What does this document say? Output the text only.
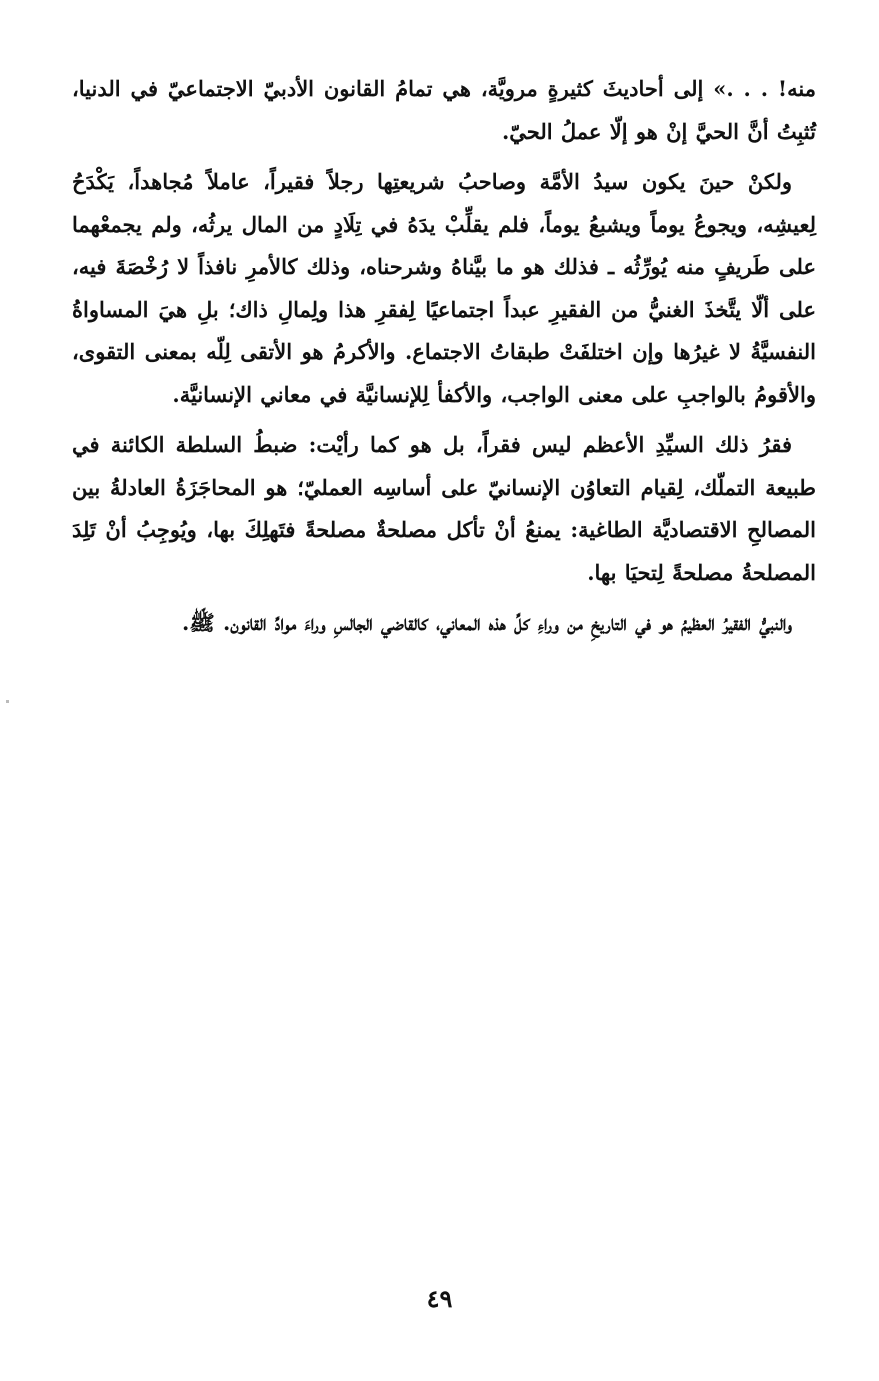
منه! . . .» إلى أحاديثَ كثيرةٍ مرويَّة، هي تمامُ القانون الأدبيّ الاجتماعيّ في الدنيا، تُثبِتُ أنَّ الحيَّ إنْ هو إلّا عملُ الحيّ.

ولكنْ حينَ يكون سيدُ الأمَّة وصاحبُ شريعتِها رجلاً فقيراً، عاملاً مُجاهداً، يَكْدَحُ لِعيشِه، ويجوعُ يوماً ويشبعُ يوماً، فلم يقلِّبْ يدَهُ في تِلَادٍ من المال يرثُه، ولم يجمعْهما على طَريفٍ منه يُورِّثُه ـ فذلك هو ما بيَّناهُ وشرحناه، وذلك كالأمرِ نافذاً لا رُخْصَةَ فيه، على ألّا يتَّخذَ الغنيُّ من الفقيرِ عبداً اجتماعيًا لِفقرِ هذا ولِمالِ ذاك؛ بلِ هيَ المساواةُ النفسيَّةُ لا غيرُها وإن اختلفَتْ طبقاتُ الاجتماع. والأكرمُ هو الأتقى لِلّه بمعنى التقوى، والأقومُ بالواجبِ على معنى الواجب، والأكفأ لِلإنسانيَّة في معاني الإنسانيَّة.

فقرُ ذلك السيِّدِ الأعظم ليس فقراً، بل هو كما رأيْت: ضبطُ السلطة الكائنة في طبيعة التملّك، لِقيام التعاوُن الإنسانيّ على أساسِه العمليّ؛ هو المحاجَزَةُ العادلةُ بين المصالحِ الاقتصاديَّة الطاغية: يمنعُ أنْ تأكل مصلحةٌ مصلحةً فتَهلِكَ بها، ويُوجِبُ أنْ تَلِدَ المصلحةُ مصلحةً لِتحيَا بها.

والنبيُّ الفقيرُ العظيمُ هو في التاريخِ من وراءِ كلِّ هذه المعاني، كالقاضي الجالسِ وراءَ موادِّ القانون. ﷺ.

٤٩
